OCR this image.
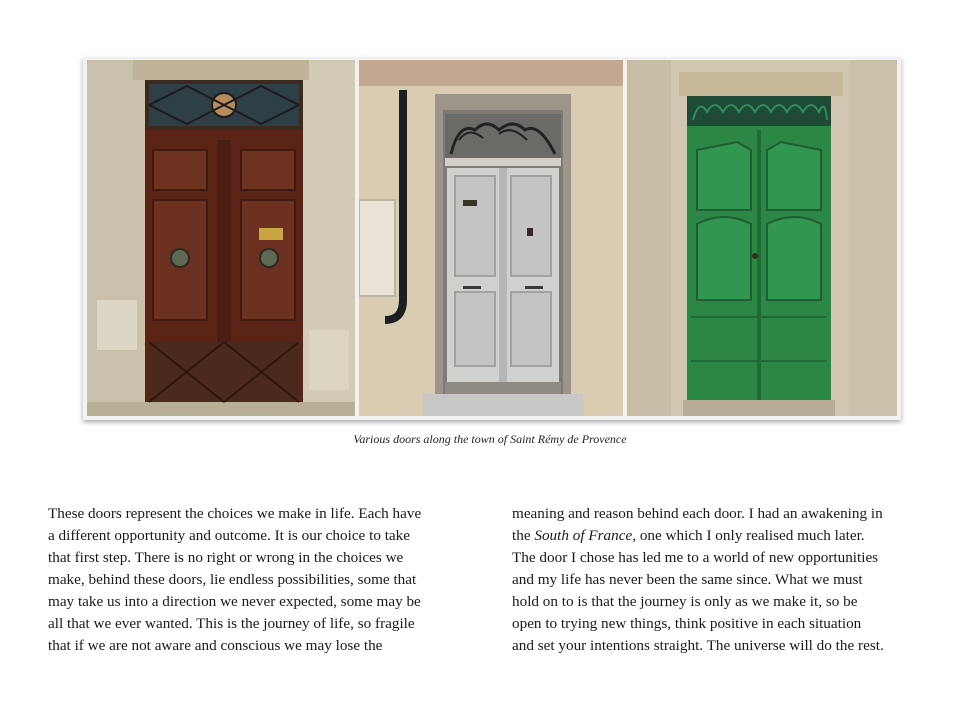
Various doors along the town of Saint Rémy de Provence
These doors represent the choices we make in life. Each have
a different opportunity and outcome. It is our choice to take
that first step. There is no right or wrong in the choices we
make, behind these doors, lie endless possibilities, some that
may take us into a direction we never expected, some may be
all that we ever wanted. This is the journey of life, so fragile
that if we are not aware and conscious we may lose the
meaning and reason behind each door. I had an awakening in
the South of France, one which I only realised much later.
The door I chose has led me to a world of new opportunities
and my life has never been the same since. What we must
hold on to is that the journey is only as we make it, so be
open to trying new things, think positive in each situation
and set your intentions straight. The universe will do the rest.
